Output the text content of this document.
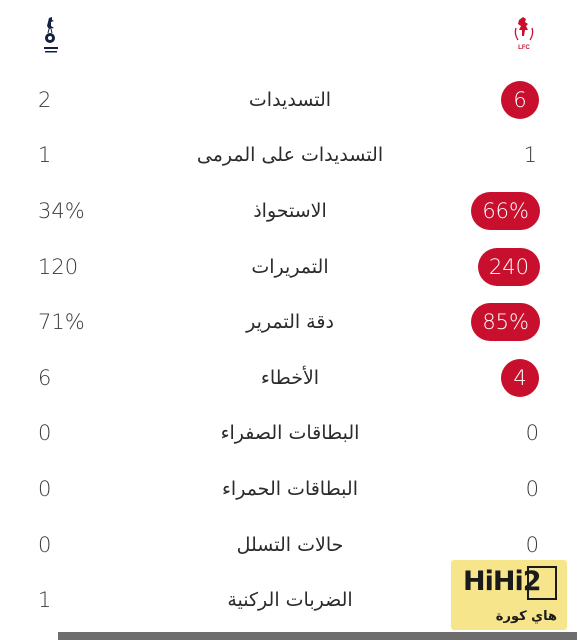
LFC
2	التسديدات	6
1	التسديدات على المرمى	1
34%	الاستحواذ	66%
120	التمريرات	240
71%	دقة التمرير	85%
6	الأخطاء	4
0	البطاقات الصفراء	0
0	البطاقات الحمراء	0
0	حالات التسلل	0
1	الضربات الركنية
HiHi2
هاي كورة
